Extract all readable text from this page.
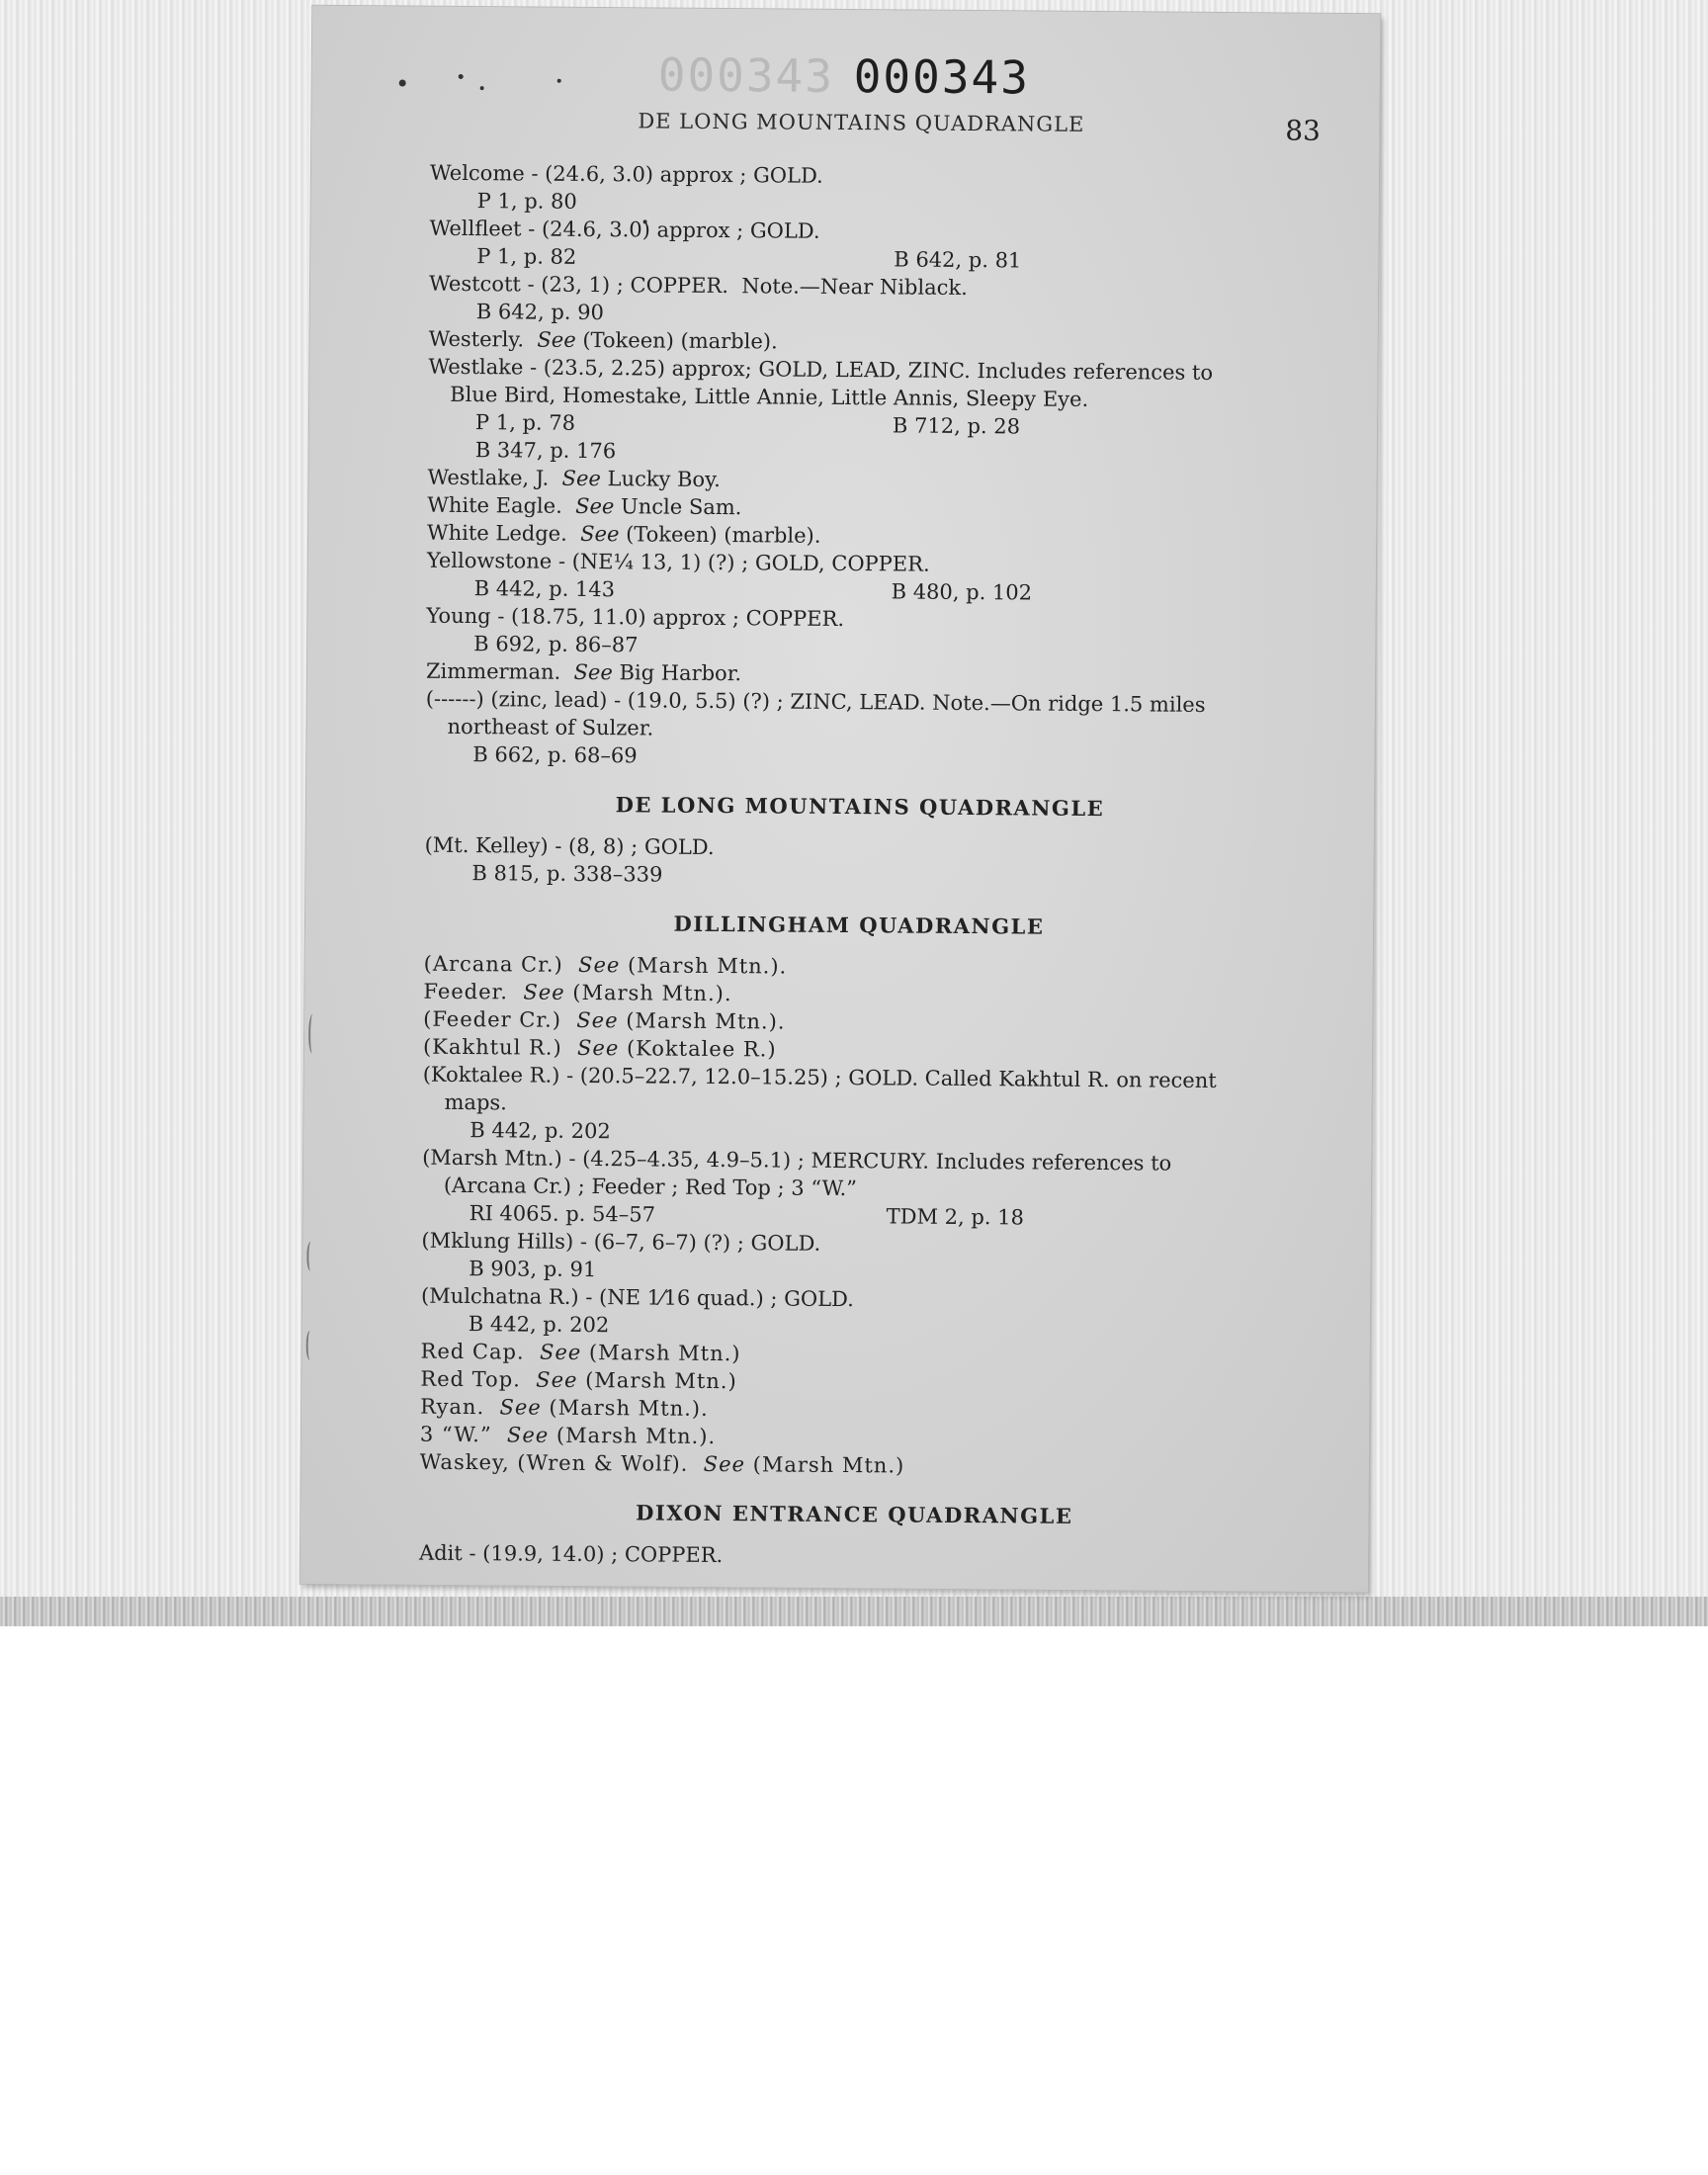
000343 000343
DE LONG MOUNTAINS QUADRANGLE	83
Welcome - (24.6, 3.0) approx ; GOLD.
P 1, p. 80
Wellfleet - (24.6, 3.0) approx ; GOLD.
P 1, p. 82	B 642, p. 81
Westcott - (23, 1) ; COPPER. Note.—Near Niblack.
B 642, p. 90
Westerly. See (Tokeen) (marble).
Westlake - (23.5, 2.25) approx; GOLD, LEAD, ZINC. Includes references to
Blue Bird, Homestake, Little Annie, Little Annis, Sleepy Eye.
P 1, p. 78	B 712, p. 28
B 347, p. 176
Westlake, J. See Lucky Boy.
White Eagle. See Uncle Sam.
White Ledge. See (Tokeen) (marble).
Yellowstone - (NE¼ 13, 1) (?) ; GOLD, COPPER.
B 442, p. 143	B 480, p. 102
Young - (18.75, 11.0) approx ; COPPER.
B 692, p. 86–87
Zimmerman. See Big Harbor.
(------) (zinc, lead) - (19.0, 5.5) (?) ; ZINC, LEAD. Note.—On ridge 1.5 miles
northeast of Sulzer.
B 662, p. 68–69
DE LONG MOUNTAINS QUADRANGLE
(Mt. Kelley) - (8, 8) ; GOLD.
B 815, p. 338–339
DILLINGHAM QUADRANGLE
(Arcana Cr.) See (Marsh Mtn.).
Feeder. See (Marsh Mtn.).
(Feeder Cr.) See (Marsh Mtn.).
(Kakhtul R.) See (Koktalee R.)
(Koktalee R.) - (20.5–22.7, 12.0–15.25) ; GOLD. Called Kakhtul R. on recent
maps.
B 442, p. 202
(Marsh Mtn.) - (4.25–4.35, 4.9–5.1) ; MERCURY. Includes references to
(Arcana Cr.) ; Feeder ; Red Top ; 3 “W.”
RI 4065. p. 54–57	TDM 2, p. 18
(Mklung Hills) - (6–7, 6–7) (?) ; GOLD.
B 903, p. 91
(Mulchatna R.) - (NE 1⁄16 quad.) ; GOLD.
B 442, p. 202
Red Cap. See (Marsh Mtn.)
Red Top. See (Marsh Mtn.)
Ryan. See (Marsh Mtn.).
3 “W.” See (Marsh Mtn.).
Waskey, (Wren & Wolf). See (Marsh Mtn.)
DIXON ENTRANCE QUADRANGLE
Adit - (19.9, 14.0) ; COPPER.
